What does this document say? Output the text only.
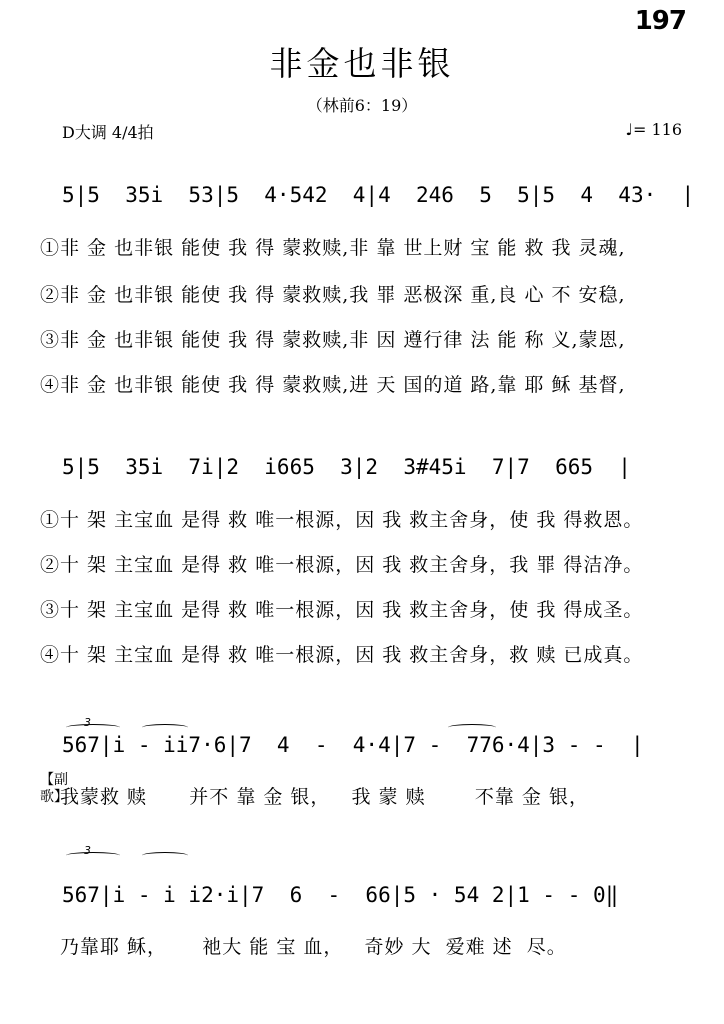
197
非金也非银
（林前6：19）
D大调 4/4拍	♩= 116
5|5  35i  53|5  4·542  4|4  246  5  5|5  4  43·  |
①非 金 也非银 能使 我 得 蒙救赎,非 靠 世上财 宝 能 救 我 灵魂,
②非 金 也非银 能使 我 得 蒙救赎,我 罪 恶极深 重,良 心 不 安稳,
③非 金 也非银 能使 我 得 蒙救赎,非 因 遵行律 法 能 称 义,蒙恩,
④非 金 也非银 能使 我 得 蒙救赎,进 天 国的道 路,靠 耶 稣 基督,
5|5  35i  7i|2  i665  3|2  3#45i  7|7  665  |
①十 架 主宝血 是得 救 唯一根源，因 我 救主舍身，使 我 得救恩。
②十 架 主宝血 是得 救 唯一根源，因 我 救主舍身，我 罪 得洁净。
③十 架 主宝血 是得 救 唯一根源，因 我 救主舍身，使 我 得成圣。
④十 架 主宝血 是得 救 唯一根源，因 我 救主舍身，救 赎 已成真。
3
567|i - ii7·6|7  4  -  4·4|7 -  776·4|3 - -  |
【副歌】
我蒙救 赎      并不 靠 金 银，   我 蒙 赎       不靠 金 银，
3
567|i - i i2·i|7  6  -  66|5 · 54 2|1 - - 0‖
乃靠耶 稣，     祂大 能 宝 血，   奇妙 大  爱难 述  尽。
